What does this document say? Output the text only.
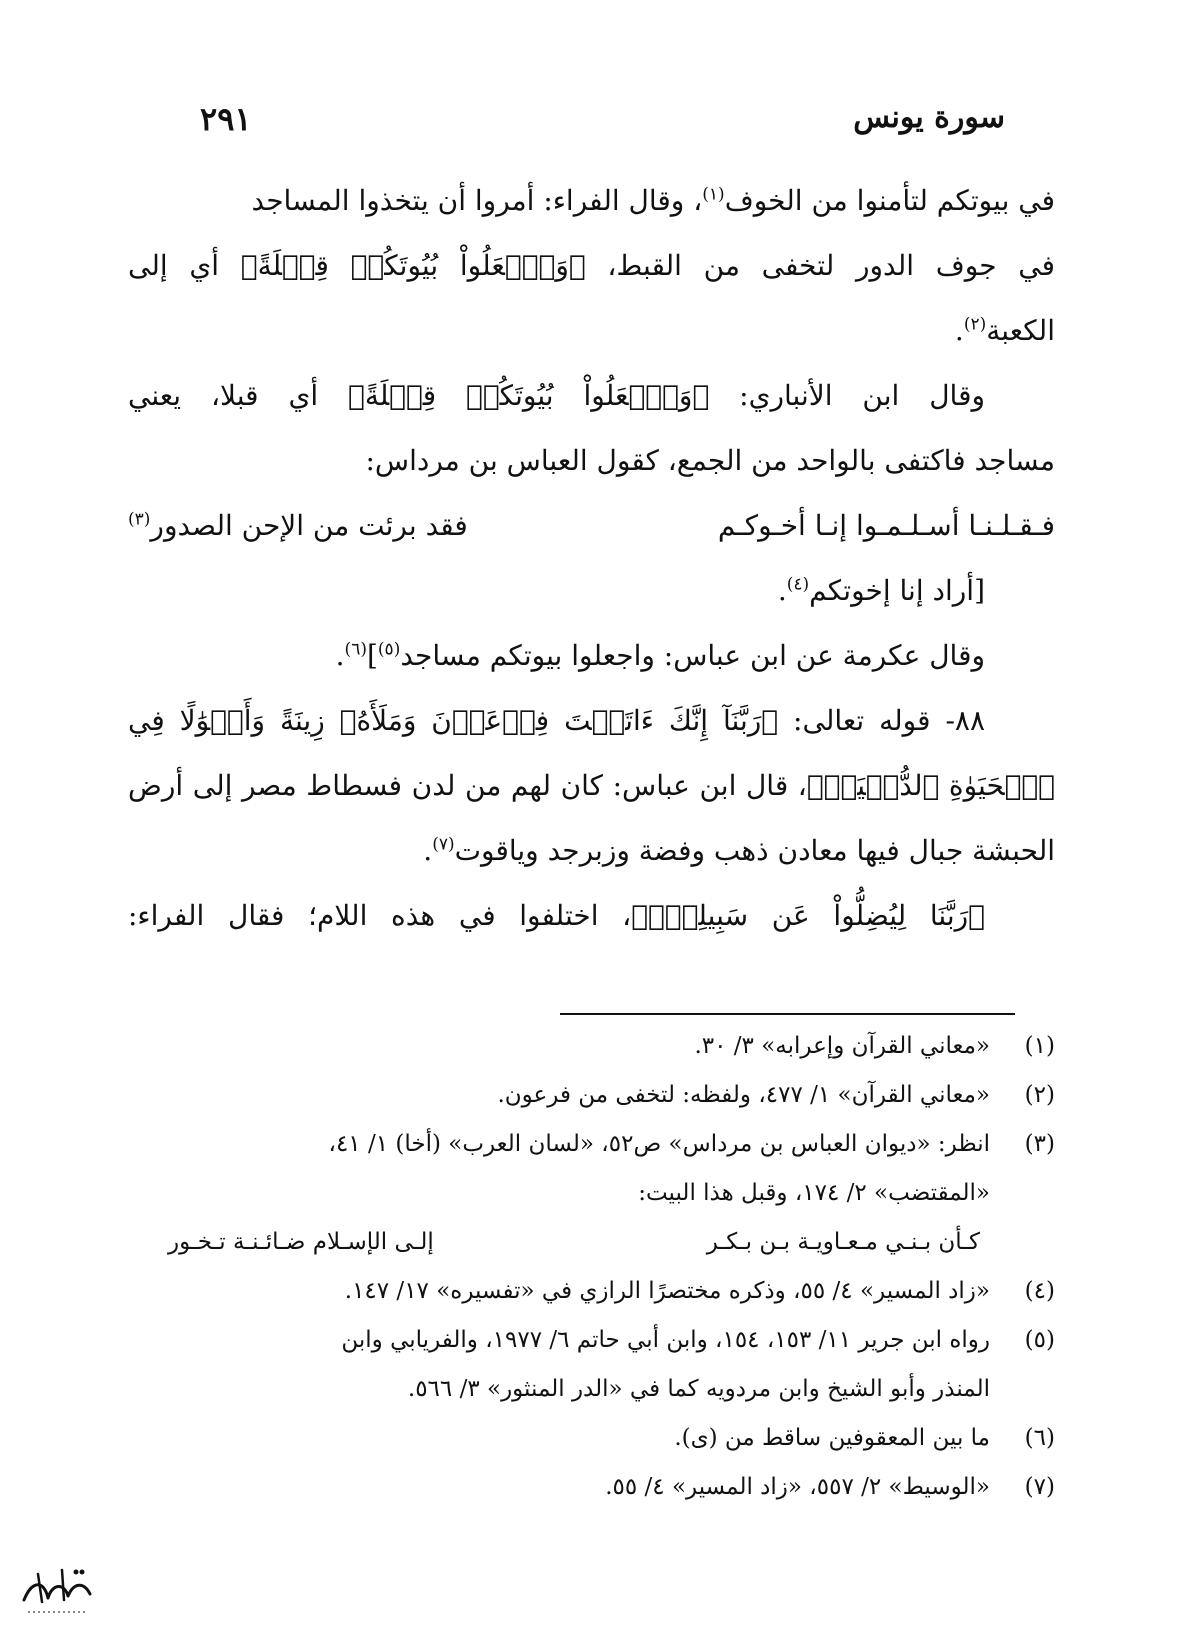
سورة يونس
٢٩١
في بيوتكم لتأمنوا من الخوف$^{(١)}$، وقال الفراء: أمروا أن يتخذوا المساجد
في جوف الدور لتخفى من القبط، ﴿وَٱجۡعَلُواْ بُيُوتَكُمۡ قِبۡلَةً﴾ أي إلى
الكعبة$^{(٢)}$.
وقال ابن الأنباري: ﴿وَٱجۡعَلُواْ بُيُوتَكُمۡ قِبۡلَةً﴾ أي قبلا، يعني
مساجد فاكتفى بالواحد من الجمع، كقول العباس بن مرداس:
فـقـلـنـا أسـلـمـوا إنـا أخـوكـم
فقد برئت من الإحن الصدور$^{(٣)}$
[أراد إنا إخوتكم$^{(٤)}$.
وقال عكرمة عن ابن عباس: واجعلوا بيوتكم مساجد$^{(٥)}$]$^{(٦)}$.
٨٨- قوله تعالى: ﴿رَبَّنَآ إِنَّكَ ءَاتَيۡتَ فِرۡعَوۡنَ وَمَلَأَهُۥ زِينَةً وَأَمۡوَٰلًا فِي
ٱلۡحَيَوٰةِ ٱلدُّنۡيَاۖ﴾، قال ابن عباس: كان لهم من لدن فسطاط مصر إلى أرض
الحبشة جبال فيها معادن ذهب وفضة وزبرجد وياقوت$^{(٧)}$.
﴿رَبَّنَا لِيُضِلُّواْ عَن سَبِيلِكَۖ﴾، اختلفوا في هذه اللام؛ فقال الفراء:
(١)
«معاني القرآن وإعرابه» ٣/ ٣٠.
(٢)
«معاني القرآن» ١/ ٤٧٧، ولفظه: لتخفى من فرعون.
(٣)
انظر: «ديوان العباس بن مرداس» ص٥٢، «لسان العرب» (أخا) ١/ ٤١،
«المقتضب» ٢/ ١٧٤، وقبل هذا البيت:
كـأن بـنـي مـعـاويـة بـن بـكـر
إلـى الإسـلام ضـائـنـة تـخـور
(٤)
«زاد المسير» ٤/ ٥٥، وذكره مختصرًا الرازي في «تفسيره» ١٧/ ١٤٧.
(٥)
رواه ابن جرير ١١/ ١٥٣، ١٥٤، وابن أبي حاتم ٦/ ١٩٧٧، والفريابي وابن
المنذر وأبو الشيخ وابن مردويه كما في «الدر المنثور» ٣/ ٥٦٦.
(٦)
ما بين المعقوفين ساقط من (ى).
(٧)
«الوسيط» ٢/ ٥٥٧، «زاد المسير» ٤/ ٥٥.
